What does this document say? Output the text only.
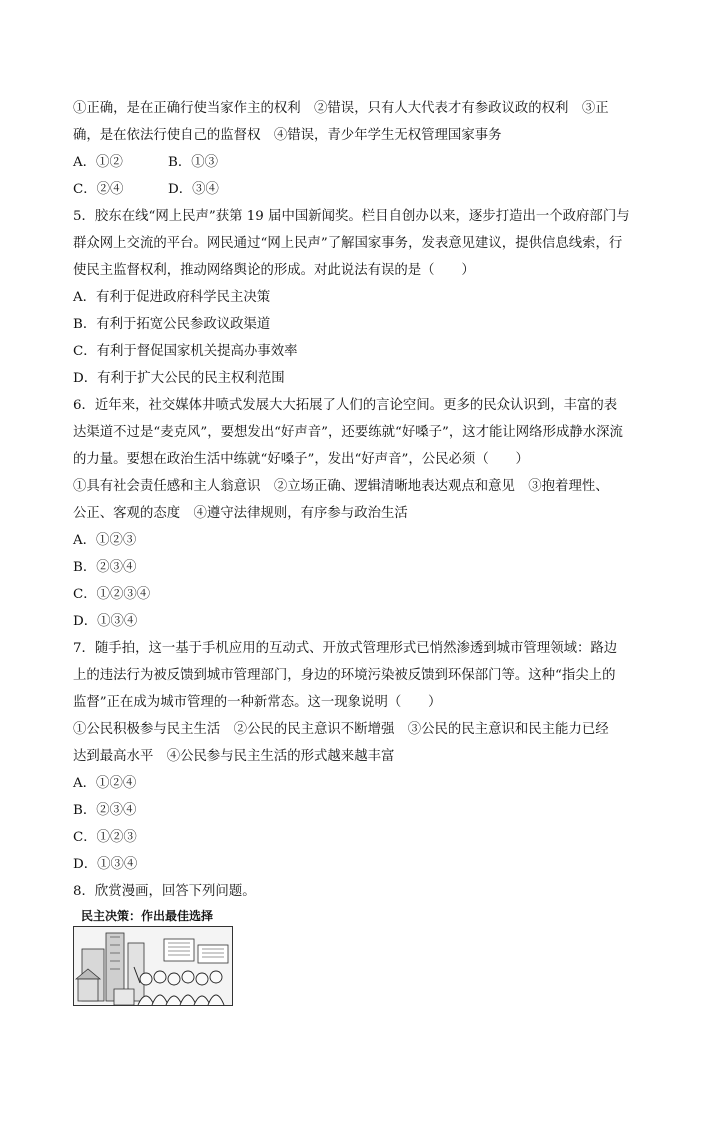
①正确，是在正确行使当家作主的权利　②错误，只有人大代表才有参政议政的权利　③正
确，是在依法行使自己的监督权　④错误，青少年学生无权管理国家事务
A．①②	B．①③
C．②④	D．③④
5．胶东在线“网上民声”获第 19 届中国新闻奖。栏目自创办以来，逐步打造出一个政府部门与
群众网上交流的平台。网民通过“网上民声”了解国家事务，发表意见建议，提供信息线索，行
使民主监督权利，推动网络舆论的形成。对此说法有误的是（　　）
A．有利于促进政府科学民主决策
B．有利于拓宽公民参政议政渠道
C．有利于督促国家机关提高办事效率
D．有利于扩大公民的民主权利范围
6．近年来，社交媒体井喷式发展大大拓展了人们的言论空间。更多的民众认识到，丰富的表
达渠道不过是“麦克风”，要想发出“好声音”，还要练就“好嗓子”，这才能让网络形成静水深流
的力量。要想在政治生活中练就“好嗓子”，发出“好声音”，公民必须（　　）
①具有社会责任感和主人翁意识　②立场正确、逻辑清晰地表达观点和意见　③抱着理性、
公正、客观的态度　④遵守法律规则，有序参与政治生活
A．①②③
B．②③④
C．①②③④
D．①③④
7．随手拍，这一基于手机应用的互动式、开放式管理形式已悄然渗透到城市管理领域：路边
上的违法行为被反馈到城市管理部门，身边的环境污染被反馈到环保部门等。这种“指尖上的
监督”正在成为城市管理的一种新常态。这一现象说明（　　）
①公民积极参与民主生活　②公民的民主意识不断增强　③公民的民主意识和民主能力已经
达到最高水平　④公民参与民主生活的形式越来越丰富
A．①②④
B．②③④
C．①②③
D．①③④
8．欣赏漫画，回答下列问题。
民主决策：作出最佳选择
